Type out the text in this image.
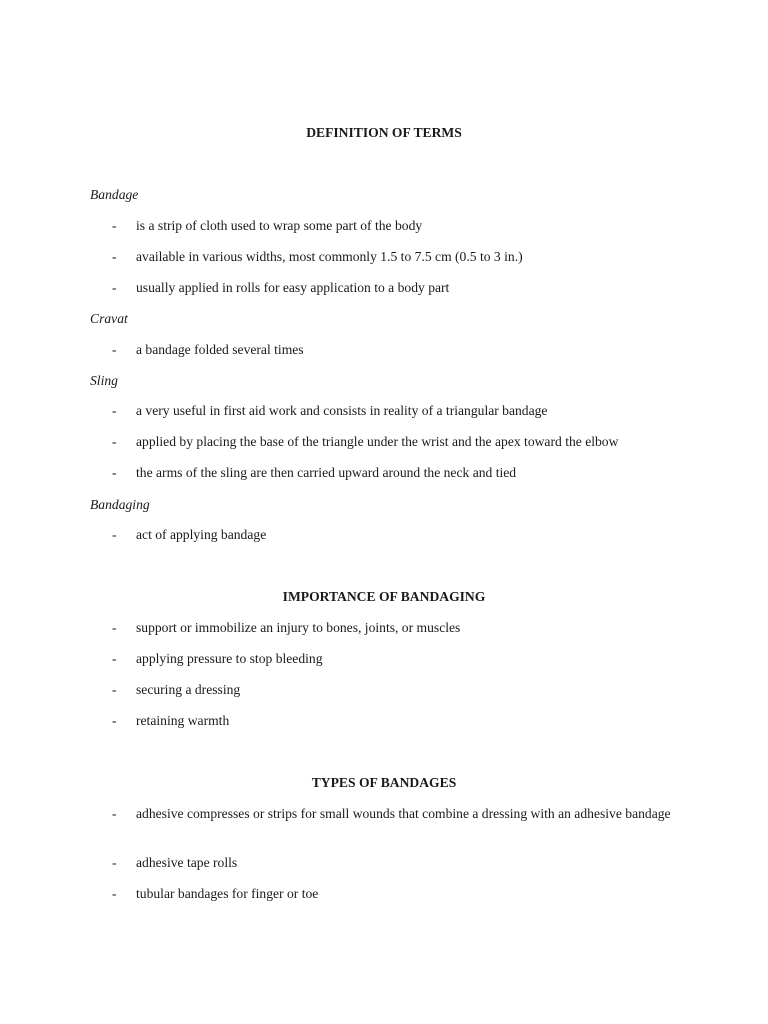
DEFINITION OF TERMS
Bandage
- is a strip of cloth used to wrap some part of the body
- available in various widths, most commonly 1.5 to 7.5 cm (0.5 to 3 in.)
- usually applied in rolls for easy application to a body part
Cravat
- a bandage folded several times
Sling
- a very useful in first aid work and consists in reality of a triangular bandage
- applied by placing the base of the triangle under the wrist and the apex toward the elbow
- the arms of the sling are then carried upward around the neck and tied
Bandaging
- act of applying bandage
IMPORTANCE OF BANDAGING
- support or immobilize an injury to bones, joints, or muscles
- applying pressure to stop bleeding
- securing a dressing
- retaining warmth
TYPES OF BANDAGES
- adhesive compresses or strips for small wounds that combine a dressing with an adhesive bandage
- adhesive tape rolls
- tubular bandages for finger or toe
